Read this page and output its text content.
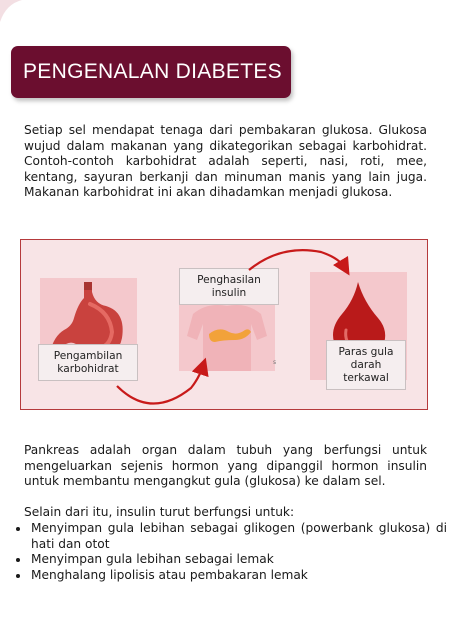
PENGENALAN DIABETES

Setiap sel mendapat tenaga dari pembakaran glukosa. Glukosa wujud dalam makanan yang dikategorikan sebagai karbohidrat. Contoh-contoh karbohidrat adalah seperti, nasi, roti, mee, kentang, sayuran berkanji dan minuman manis yang lain juga. Makanan karbohidrat ini akan dihadamkan menjadi glukosa.

Pengambilan karbohidrat
Penghasilan insulin
Paras gula darah terkawal
s

Pankreas adalah organ dalam tubuh yang berfungsi untuk mengeluarkan sejenis hormon yang dipanggil hormon insulin untuk membantu mengangkut gula (glukosa) ke dalam sel.

Selain dari itu, insulin turut berfungsi untuk:

• Menyimpan gula lebihan sebagai glikogen (powerbank glukosa) di hati dan otot
• Menyimpan gula lebihan sebagai lemak
• Menghalang lipolisis atau pembakaran lemak
